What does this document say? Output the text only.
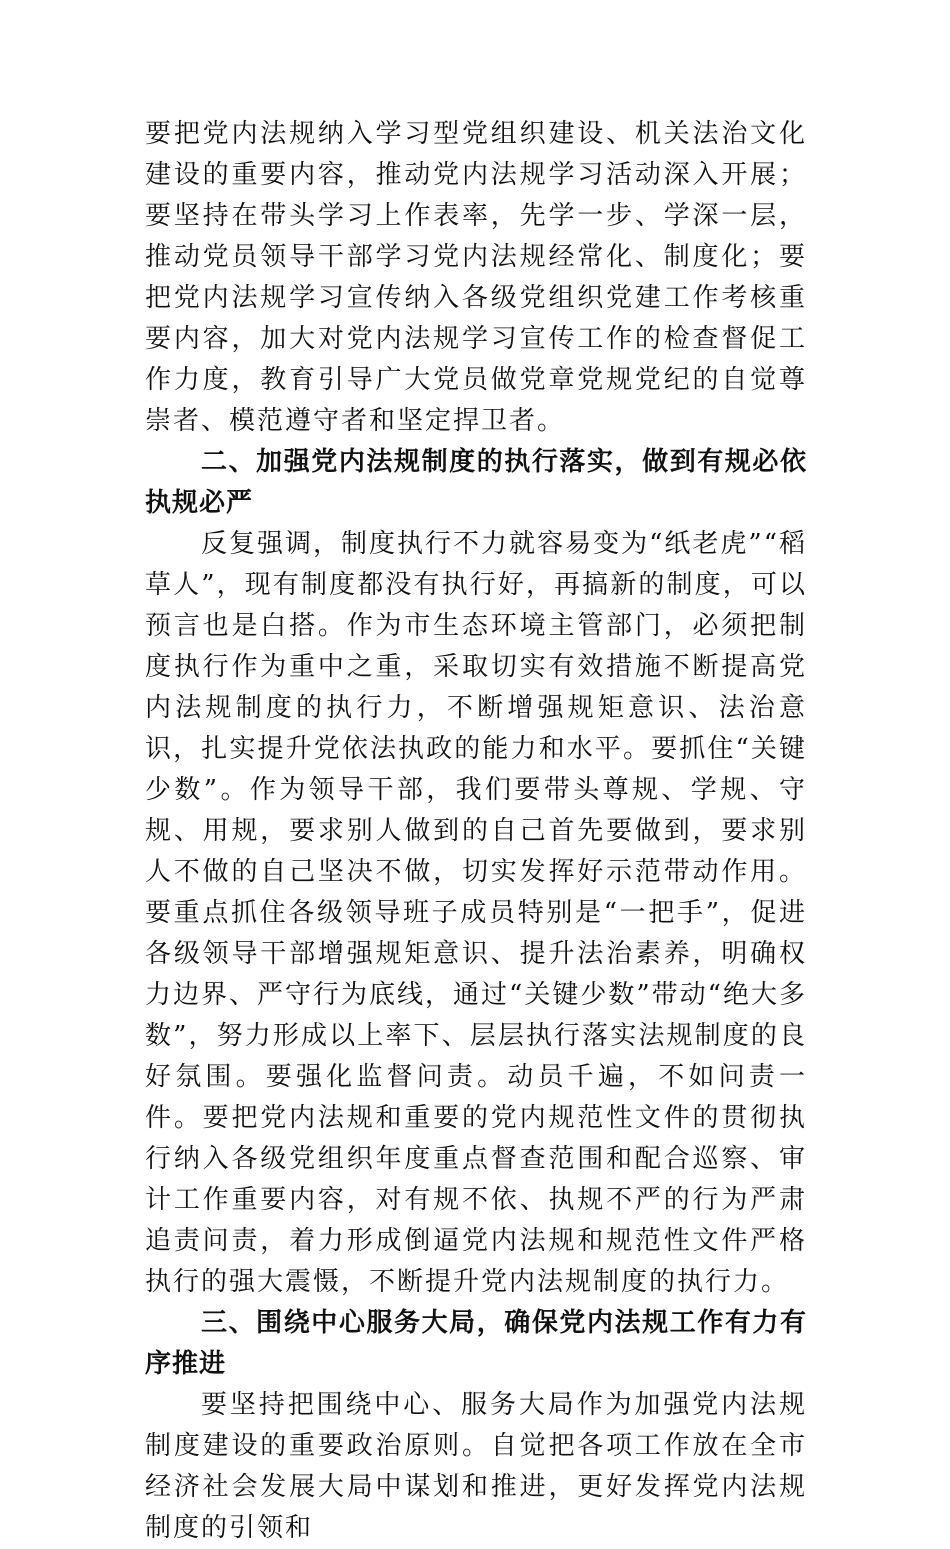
要把党内法规纳入学习型党组织建设、机关法治文化建设的重要内容，推动党内法规学习活动深入开展；要坚持在带头学习上作表率，先学一步、学深一层，推动党员领导干部学习党内法规经常化、制度化；要把党内法规学习宣传纳入各级党组织党建工作考核重要内容，加大对党内法规学习宣传工作的检查督促工作力度，教育引导广大党员做党章党规党纪的自觉尊崇者、模范遵守者和坚定捍卫者。

二、加强党内法规制度的执行落实，做到有规必依执规必严

反复强调，制度执行不力就容易变为“纸老虎”“稻草人”，现有制度都没有执行好，再搞新的制度，可以预言也是白搭。作为市生态环境主管部门，必须把制度执行作为重中之重，采取切实有效措施不断提高党内法规制度的执行力，不断增强规矩意识、法治意识，扎实提升党依法执政的能力和水平。要抓住“关键少数”。作为领导干部，我们要带头尊规、学规、守规、用规，要求别人做到的自己首先要做到，要求别人不做的自己坚决不做，切实发挥好示范带动作用。要重点抓住各级领导班子成员特别是“一把手”，促进各级领导干部增强规矩意识、提升法治素养，明确权力边界、严守行为底线，通过“关键少数”带动“绝大多数”，努力形成以上率下、层层执行落实法规制度的良好氛围。要强化监督问责。动员千遍，不如问责一件。要把党内法规和重要的党内规范性文件的贯彻执行纳入各级党组织年度重点督查范围和配合巡察、审计工作重要内容，对有规不依、执规不严的行为严肃追责问责，着力形成倒逼党内法规和规范性文件严格执行的强大震慑，不断提升党内法规制度的执行力。

三、围绕中心服务大局，确保党内法规工作有力有序推进

要坚持把围绕中心、服务大局作为加强党内法规制度建设的重要政治原则。自觉把各项工作放在全市经济社会发展大局中谋划和推进，更好发挥党内法规制度的引领和
